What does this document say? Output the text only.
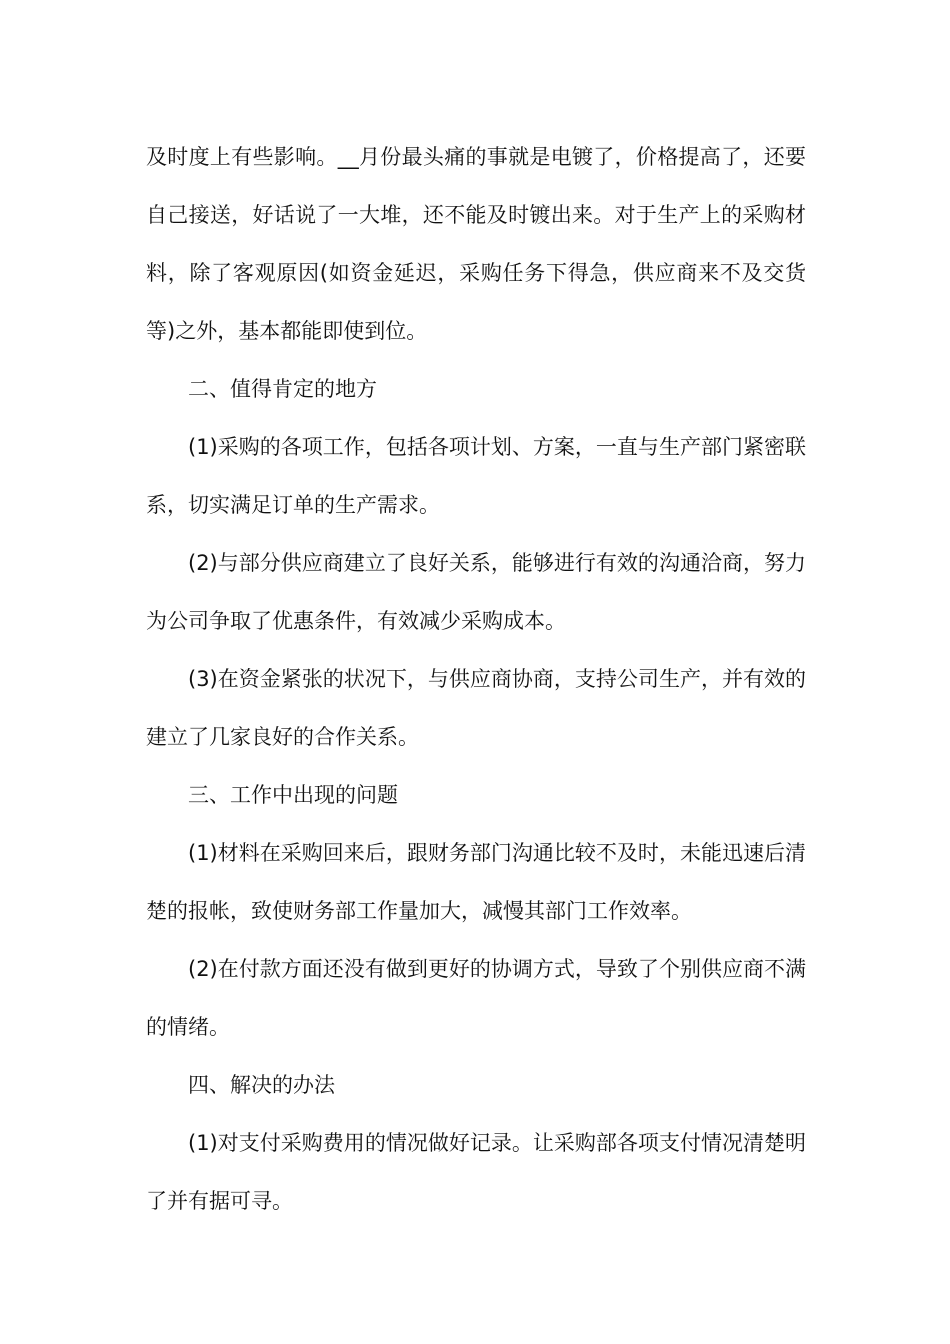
及时度上有些影响。__月份最头痛的事就是电镀了，价格提高了，还要自己接送，好话说了一大堆，还不能及时镀出来。对于生产上的采购材料，除了客观原因(如资金延迟，采购任务下得急，供应商来不及交货等)之外，基本都能即使到位。

二、值得肯定的地方

(1)采购的各项工作，包括各项计划、方案，一直与生产部门紧密联系，切实满足订单的生产需求。

(2)与部分供应商建立了良好关系，能够进行有效的沟通洽商，努力为公司争取了优惠条件，有效减少采购成本。

(3)在资金紧张的状况下，与供应商协商，支持公司生产，并有效的建立了几家良好的合作关系。

三、工作中出现的问题

(1)材料在采购回来后，跟财务部门沟通比较不及时，未能迅速后清楚的报帐，致使财务部工作量加大，减慢其部门工作效率。

(2)在付款方面还没有做到更好的协调方式，导致了个别供应商不满的情绪。

四、解决的办法

(1)对支付采购费用的情况做好记录。让采购部各项支付情况清楚明了并有据可寻。
